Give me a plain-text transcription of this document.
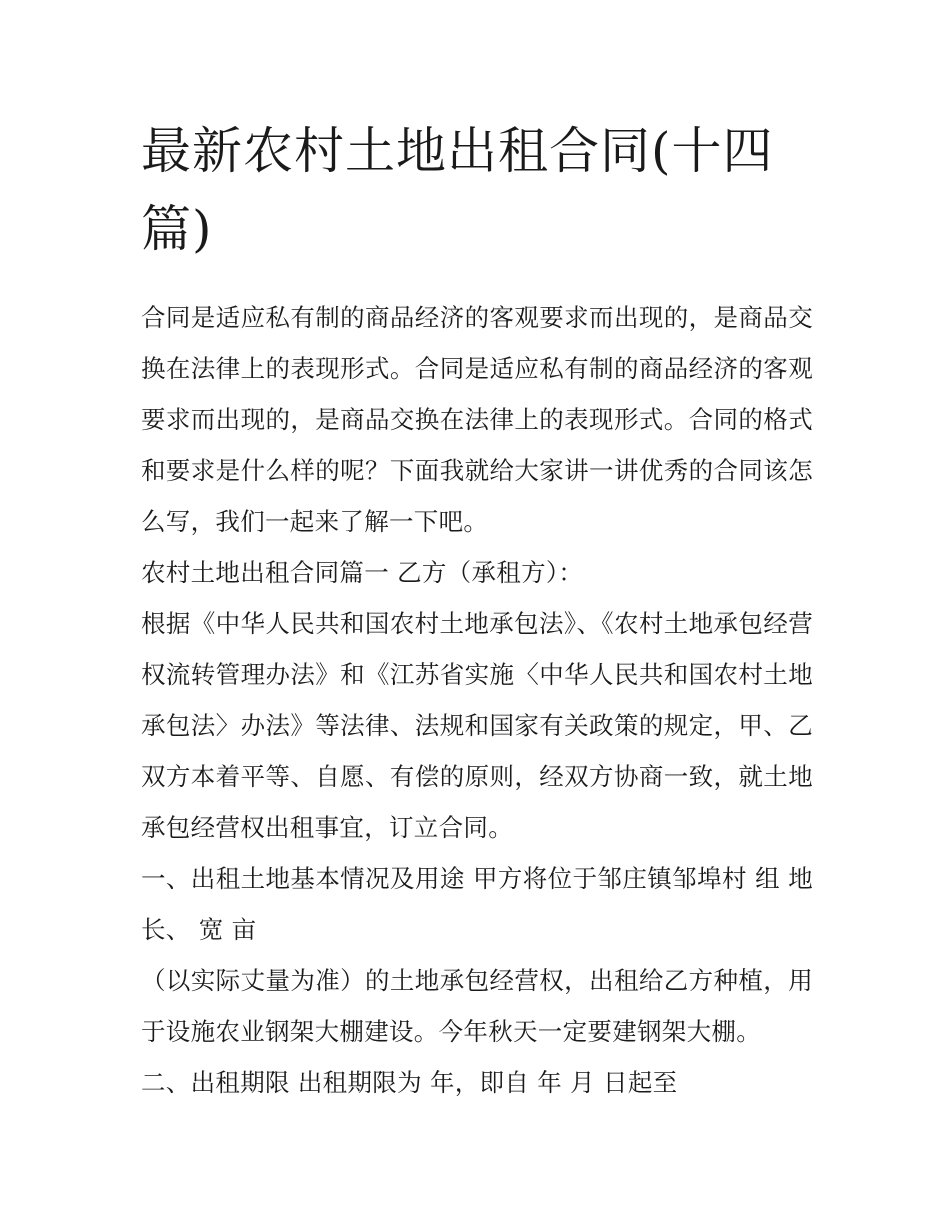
最新农村土地出租合同(十四篇)

合同是适应私有制的商品经济的客观要求而出现的，是商品交换在法律上的表现形式。合同是适应私有制的商品经济的客观要求而出现的，是商品交换在法律上的表现形式。合同的格式和要求是什么样的呢？下面我就给大家讲一讲优秀的合同该怎么写，我们一起来了解一下吧。

农村土地出租合同篇一 乙方（承租方）：

根据《中华人民共和国农村土地承包法》、《农村土地承包经营权流转管理办法》和《江苏省实施〈中华人民共和国农村土地承包法〉办法》等法律、法规和国家有关政策的规定，甲、乙双方本着平等、自愿、有偿的原则，经双方协商一致，就土地承包经营权出租事宜，订立合同。

一、出租土地基本情况及用途 甲方将位于邹庄镇邹埠村 组 地 长、 宽 亩

（以实际丈量为准）的土地承包经营权，出租给乙方种植，用于设施农业钢架大棚建设。今年秋天一定要建钢架大棚。

二、出租期限 出租期限为 年，即自 年 月 日起至
